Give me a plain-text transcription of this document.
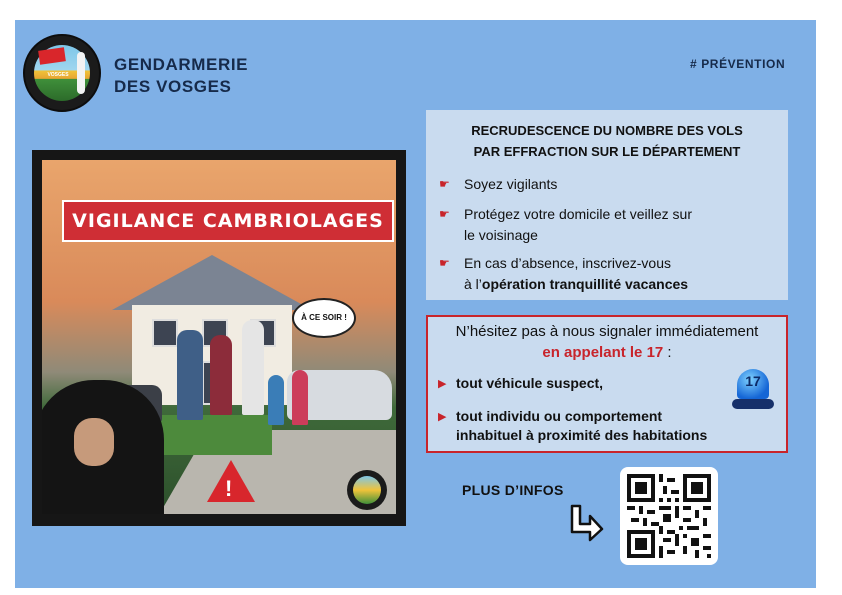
VOSGES
GENDARMERIE
DES VOSGES
# PRÉVENTION
VIGILANCE CAMBRIOLAGES
À CE SOIR !
!
RECRUDESCENCE DU NOMBRE DES VOLS
PAR EFFRACTION SUR LE DÉPARTEMENT
☛ Soyez vigilants
☛ Protégez votre domicile et veillez sur
le voisinage
☛ En cas d’absence, inscrivez-vous
à l’opération tranquillité vacances
N’hésitez pas à nous signaler immédiatement
en appelant le 17 :
▶ tout véhicule suspect,
▶ tout individu ou comportement
inhabituel à proximité des habitations
17
PLUS D’INFOS
